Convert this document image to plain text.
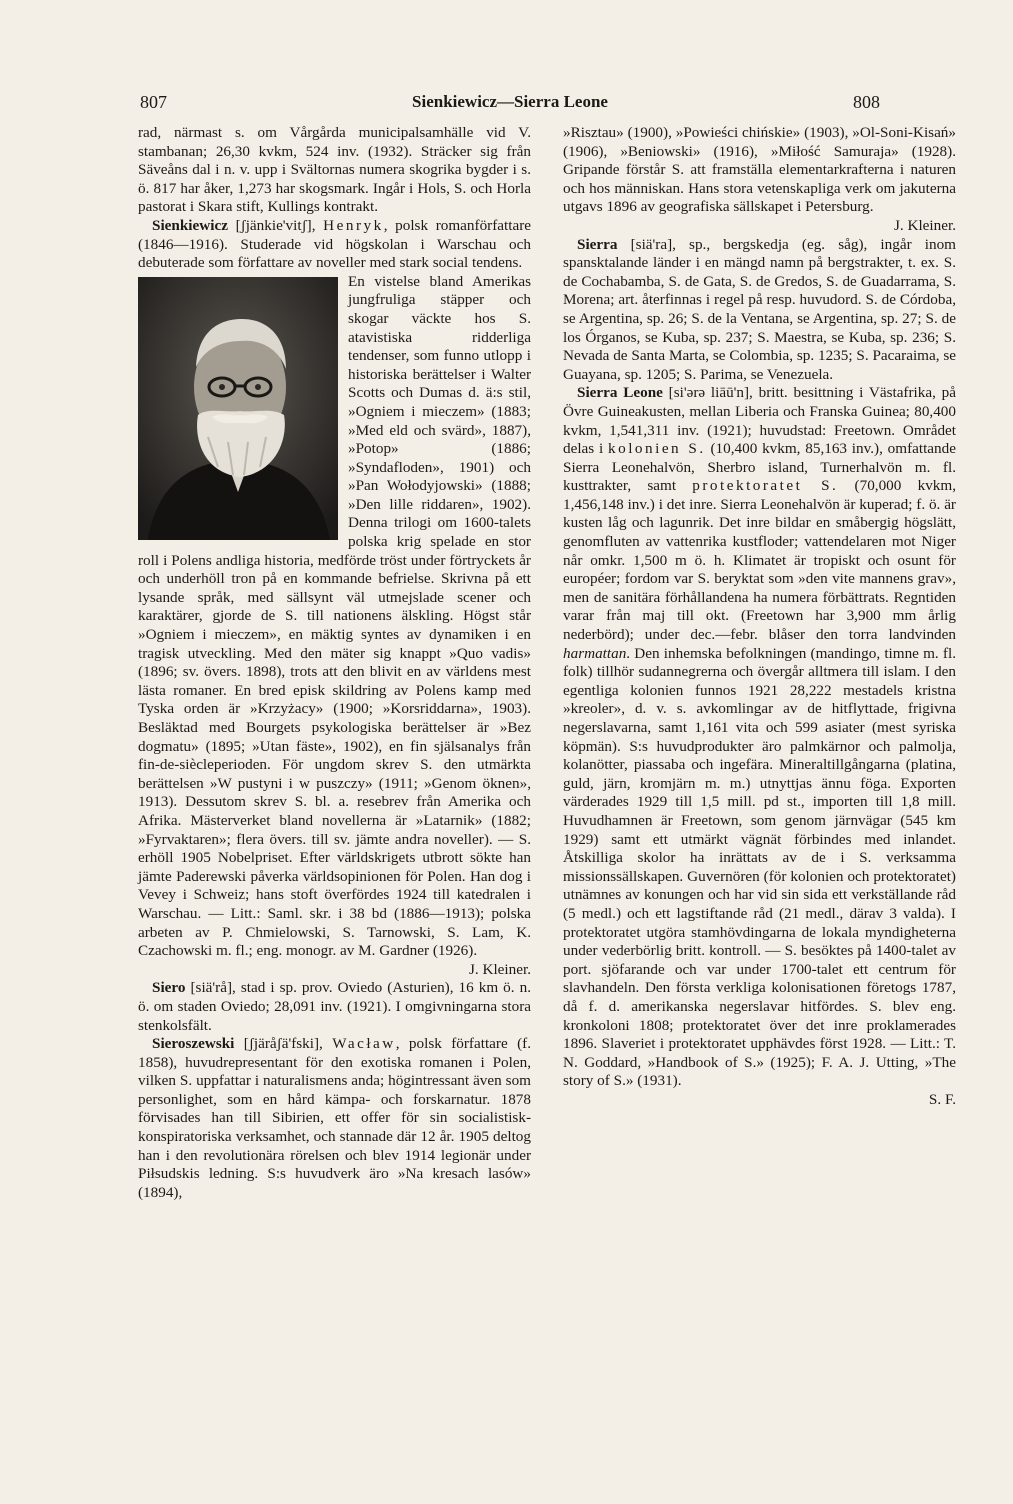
807	Sienkiewicz—Sierra Leone	808

rad, närmast s. om Vårgårda municipalsamhälle vid V. stambanan; 26,30 kvkm, 524 inv. (1932). Sträcker sig från Säveåns dal i n. v. upp i Svältornas numera skogrika bygder i s. ö. 817 har åker, 1,273 har skogsmark. Ingår i Hols, S. och Horla pastorat i Skara stift, Kullings kontrakt.

Sienkiewicz [ʃjänkie'vitʃ], Henryk, polsk romanförfattare (1846—1916). Studerade vid högskolan i Warschau och debuterade som författare av noveller med stark social tendens.

En vistelse bland Amerikas jungfruliga stäpper och skogar väckte hos S. atavistiska ridderliga tendenser, som funno utlopp i historiska berättelser i Walter Scotts och Dumas d. ä:s stil, »Ogniem i mieczem» (1883; »Med eld och svärd», 1887), »Potop» (1886; »Syndafloden», 1901) och »Pan Wołodyjowski» (1888; »Den lille riddaren», 1902). Denna trilogi om 1600-talets polska krig spelade en stor roll i Polens andliga historia, medförde tröst under förtryckets år och underhöll tron på en kommande befrielse. Skrivna på ett lysande språk, med sällsynt väl utmejslade scener och karaktärer, gjorde de S. till nationens älskling. Högst står »Ogniem i mieczem», en mäktig syntes av dynamiken i en tragisk utveckling. Med den mäter sig knappt »Quo vadis» (1896; sv. övers. 1898), trots att den blivit en av världens mest lästa romaner. En bred episk skildring av Polens kamp med Tyska orden är »Krzyżacy» (1900; »Korsriddarna», 1903). Besläktad med Bourgets psykologiska berättelser är »Bez dogmatu» (1895; »Utan fäste», 1902), en fin själsanalys från fin-de-siècleperioden. För ungdom skrev S. den utmärkta berättelsen »W pustyni i w puszczy» (1911; »Genom öknen», 1913). Dessutom skrev S. bl. a. resebrev från Amerika och Afrika. Mästerverket bland novellerna är »Latarnik» (1882; »Fyrvaktaren»; flera övers. till sv. jämte andra noveller). — S. erhöll 1905 Nobelpriset. Efter världskrigets utbrott sökte han jämte Paderewski påverka världsopinionen för Polen. Han dog i Vevey i Schweiz; hans stoft överfördes 1924 till katedralen i Warschau. — Litt.: Saml. skr. i 38 bd (1886—1913); polska arbeten av P. Chmielowski, S. Tarnowski, S. Lam, K. Czachowski m. fl.; eng. monogr. av M. Gardner (1926).

J. Kleiner.

Siero [siä'rå], stad i sp. prov. Oviedo (Asturien), 16 km ö. n. ö. om staden Oviedo; 28,091 inv. (1921). I omgivningarna stora stenkolsfält.

Sieroszewski [ʃjäråʃä'fski], Wacław, polsk författare (f. 1858), huvudrepresentant för den exotiska romanen i Polen, vilken S. uppfattar i naturalismens anda; högintressant även som personlighet, som en hård kämpa- och forskarnatur. 1878 förvisades han till Sibirien, ett offer för sin socialistisk-konspiratoriska verksamhet, och stannade där 12 år. 1905 deltog han i den revolutionära rörelsen och blev 1914 legionär under Piłsudskis ledning. S:s huvudverk äro »Na kresach lasów» (1894),

»Risztau» (1900), »Powieści chińskie» (1903), »Ol-Soni-Kisań» (1906), »Beniowski» (1916), »Miłość Samuraja» (1928). Gripande förstår S. att framställa elementarkrafterna i naturen och hos människan. Hans stora vetenskapliga verk om jakuterna utgavs 1896 av geografiska sällskapet i Petersburg.

J. Kleiner.

Sierra [siä'ra], sp., bergskedja (eg. såg), ingår inom spansktalande länder i en mängd namn på bergstrakter, t. ex. S. de Cochabamba, S. de Gata, S. de Gredos, S. de Guadarrama, S. Morena; art. återfinnas i regel på resp. huvudord. S. de Córdoba, se Argentina, sp. 26; S. de la Ventana, se Argentina, sp. 27; S. de los Órganos, se Kuba, sp. 237; S. Maestra, se Kuba, sp. 236; S. Nevada de Santa Marta, se Colombia, sp. 1235; S. Pacaraima, se Guayana, sp. 1205; S. Parima, se Venezuela.

Sierra Leone [si'ərə liāū'n], britt. besittning i Västafrika, på Övre Guineakusten, mellan Liberia och Franska Guinea; 80,400 kvkm, 1,541,311 inv. (1921); huvudstad: Freetown. Området delas i kolonien S. (10,400 kvkm, 85,163 inv.), omfattande Sierra Leonehalvön, Sherbro island, Turnerhalvön m. fl. kusttrakter, samt protektoratet S. (70,000 kvkm, 1,456,148 inv.) i det inre. Sierra Leonehalvön är kuperad; f. ö. är kusten låg och lagunrik. Det inre bildar en småbergig högslätt, genomfluten av vattenrika kustfloder; vattendelaren mot Niger når omkr. 1,500 m ö. h. Klimatet är tropiskt och osunt för européer; fordom var S. beryktat som »den vite mannens grav», men de sanitära förhållandena ha numera förbättrats. Regntiden varar från maj till okt. (Freetown har 3,900 mm årlig nederbörd); under dec.—febr. blåser den torra landvinden harmattan. Den inhemska befolkningen (mandingo, timne m. fl. folk) tillhör sudannegrerna och övergår alltmera till islam. I den egentliga kolonien funnos 1921 28,222 mestadels kristna »kreoler», d. v. s. avkomlingar av de hitflyttade, frigivna negerslavarna, samt 1,161 vita och 599 asiater (mest syriska köpmän). S:s huvudprodukter äro palmkärnor och palmolja, kolanötter, piassaba och ingefära. Mineraltillgångarna (platina, guld, järn, kromjärn m. m.) utnyttjas ännu föga. Exporten värderades 1929 till 1,5 mill. pd st., importen till 1,8 mill. Huvudhamnen är Freetown, som genom järnvägar (545 km 1929) samt ett utmärkt vägnät förbindes med inlandet. Åtskilliga skolor ha inrättats av de i S. verksamma missionssällskapen. Guvernören (för kolonien och protektoratet) utnämnes av konungen och har vid sin sida ett verkställande råd (5 medl.) och ett lagstiftande råd (21 medl., därav 3 valda). I protektoratet utgöra stamhövdingarna de lokala myndigheterna under vederbörlig britt. kontroll. — S. besöktes på 1400-talet av port. sjöfarande och var under 1700-talet ett centrum för slavhandeln. Den första verkliga kolonisationen företogs 1787, då f. d. amerikanska negerslavar hitfördes. S. blev eng. kronkoloni 1808; protektoratet över det inre proklamerades 1896. Slaveriet i protektoratet upphävdes först 1928. — Litt.: T. N. Goddard, »Handbook of S.» (1925); F. A. J. Utting, »The story of S.» (1931).

S. F.
